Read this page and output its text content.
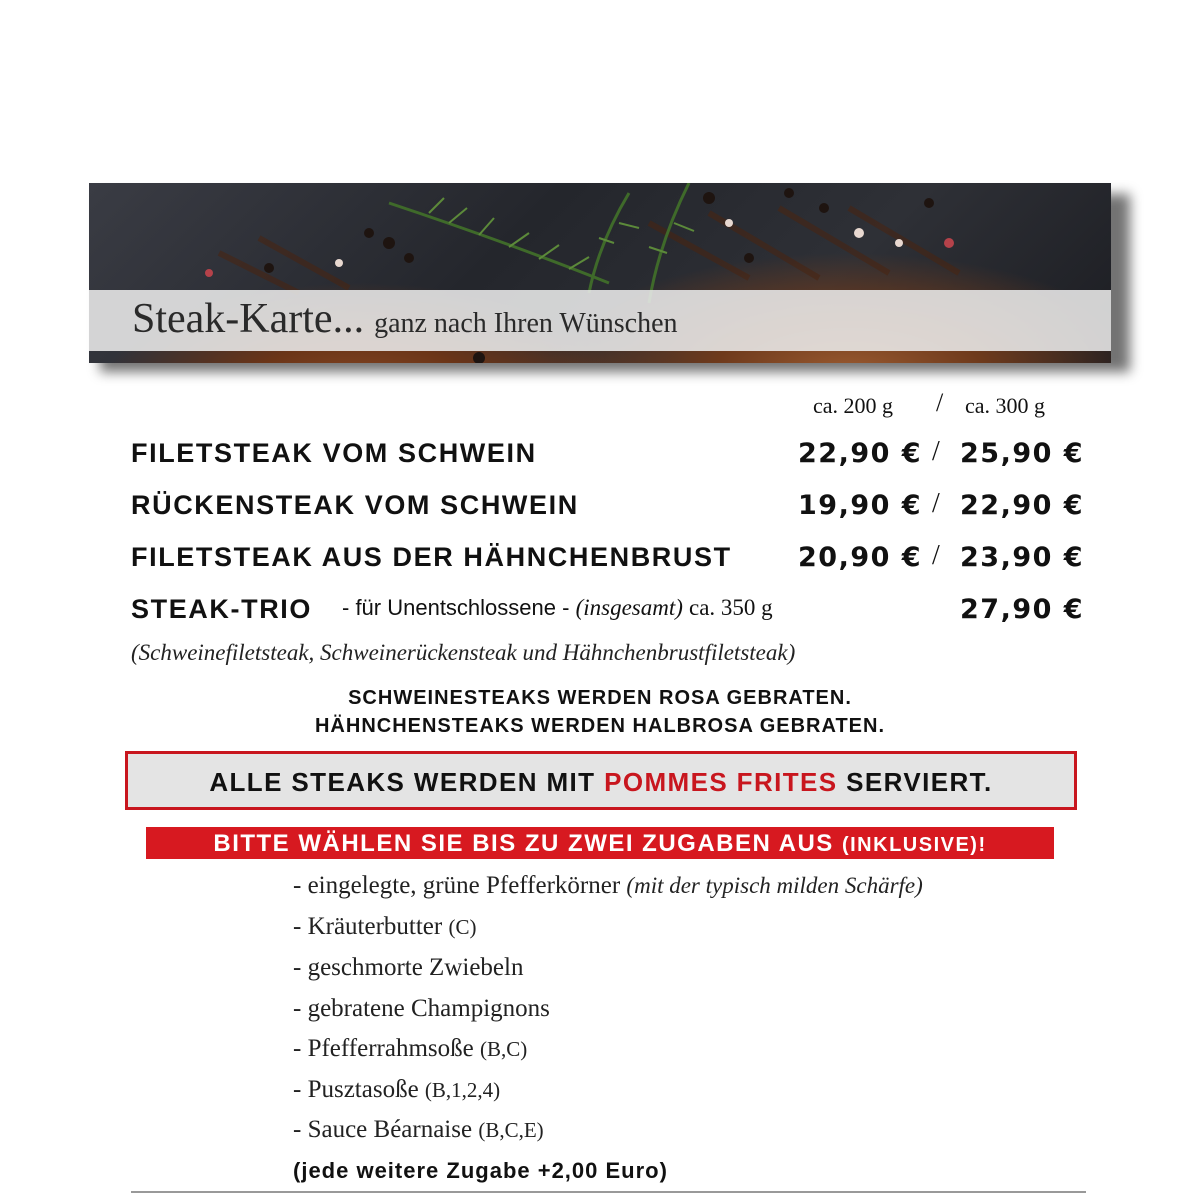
Steak-Karte... ganz nach Ihren Wünschen
ca. 200 g / ca. 300 g
FILETSTEAK VOM SCHWEIN	22,90 € / 25,90 €
RÜCKENSTEAK VOM SCHWEIN	19,90 € / 22,90 €
FILETSTEAK AUS DER HÄHNCHENBRUST 20,90 € / 23,90 €
STEAK-TRIO - für Unentschlossene - (insgesamt) ca. 350 g	27,90 €
(Schweinefiletsteak, Schweinerückensteak und Hähnchenbrustfiletsteak)
SCHWEINESTEAKS WERDEN ROSA GEBRATEN.
HÄHNCHENSTEAKS WERDEN HALBROSA GEBRATEN.
ALLE STEAKS WERDEN MIT POMMES FRITES SERVIERT.
BITTE WÄHLEN SIE BIS ZU ZWEI ZUGABEN AUS (INKLUSIVE)!
- eingelegte, grüne Pfefferkörner (mit der typisch milden Schärfe)
- Kräuterbutter (C)
- geschmorte Zwiebeln
- gebratene Champignons
- Pfefferrahmsoße (B,C)
- Pusztasoße (B,1,2,4)
- Sauce Béarnaise (B,C,E)
(jede weitere Zugabe +2,00 Euro)
